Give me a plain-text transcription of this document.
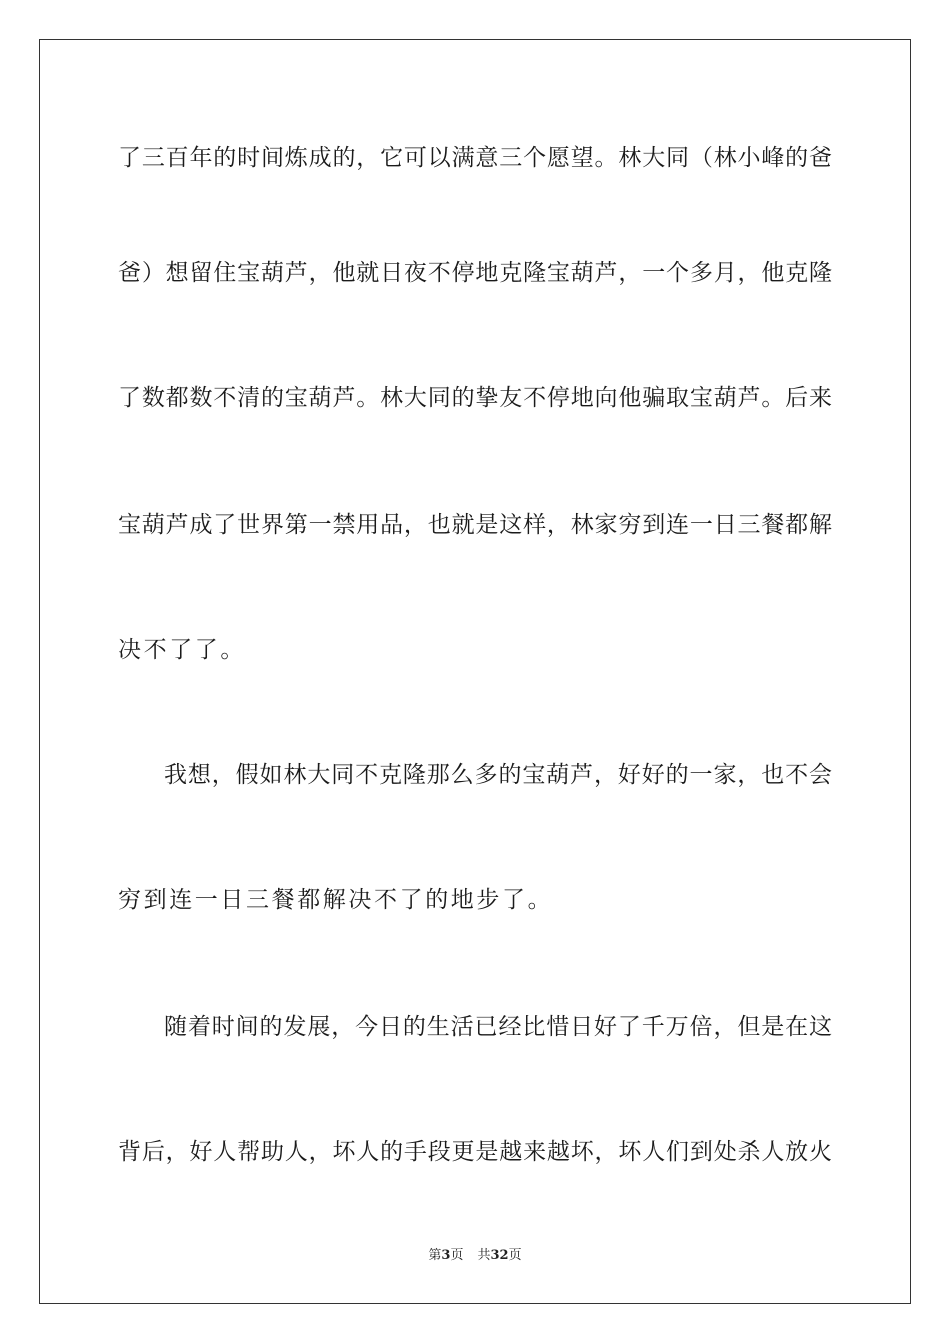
了三百年的时间炼成的，它可以满意三个愿望。林大同（林小峰的爸
爸）想留住宝葫芦，他就日夜不停地克隆宝葫芦，一个多月，他克隆
了数都数不清的宝葫芦。林大同的挚友不停地向他骗取宝葫芦。后来
宝葫芦成了世界第一禁用品，也就是这样，林家穷到连一日三餐都解
决不了了。
我想，假如林大同不克隆那么多的宝葫芦，好好的一家，也不会
穷到连一日三餐都解决不了的地步了。
随着时间的发展，今日的生活已经比惜日好了千万倍，但是在这
背后，好人帮助人，坏人的手段更是越来越坏，坏人们到处杀人放火
第3页 共32页
